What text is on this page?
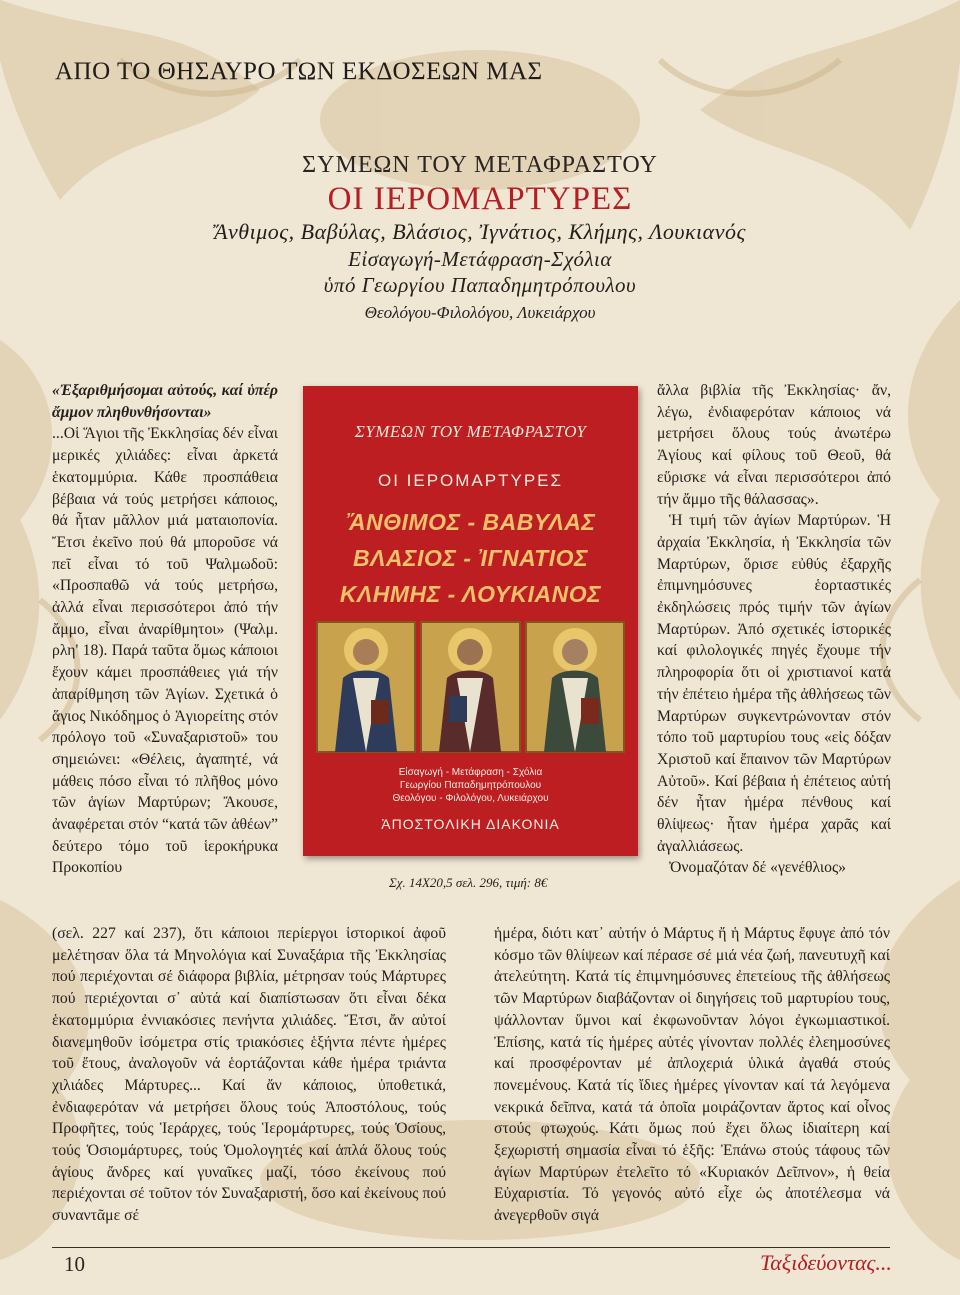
ΑΠΟ ΤΟ ΘΗΣΑΥΡΟ ΤΩΝ ΕΚΔΟΣΕΩΝ ΜΑΣ
ΣΥΜΕΩΝ ΤΟΥ ΜΕΤΑΦΡΑΣΤΟΥ
ΟΙ ΙΕΡΟΜΑΡΤΥΡΕΣ
Ἄνθιμος, Βαβύλας, Βλάσιος, Ἰγνάτιος, Κλήμης, Λουκιανός
Εἰσαγωγή-Μετάφραση-Σχόλια
ὑπό Γεωργίου Παπαδημητρόπουλου
Θεολόγου-Φιλολόγου, Λυκειάρχου

«Ἐξαριθμήσομαι αὐτούς, καί ὑπέρ ἄμμον πληθυνθήσονται»

...Οἱ Ἅγιοι τῆς Ἐκκλησίας δέν εἶναι μερικές χιλιάδες: εἶναι ἀρκετά ἑκατομμύρια. Κάθε προσπάθεια βέβαια νά τούς μετρήσει κάποιος, θά ἦταν μᾶλλον μιά ματαιοπονία. Ἔτσι ἐκεῖνο πού θά μποροῦσε νά πεῖ εἶναι τό τοῦ Ψαλμωδοῦ: «Προσπαθῶ νά τούς μετρήσω, ἀλλά εἶναι περισσότεροι ἀπό τήν ἄμμο, εἶναι ἀναρίθμητοι» (Ψαλμ. ρλη' 18). Παρά ταῦτα ὅμως κάποιοι ἔχουν κάμει προσπάθειες γιά τήν ἀπαρίθμηση τῶν Ἁγίων. Σχετικά ὁ ἅγιος Νικόδημος ὁ Ἁγιορείτης στόν πρόλογο τοῦ «Συναξαριστοῦ» του σημειώνει: «Θέλεις, ἀγαπητέ, νά μάθεις πόσο εἶναι τό πλῆθος μόνο τῶν ἁγίων Μαρτύρων; Ἄκουσε, ἀναφέρεται στόν “κατά τῶν ἀθέων” δεύτερο τόμο τοῦ ἱεροκήρυκα Προκοπίου

ΣΥΜΕΩΝ ΤΟΥ ΜΕΤΑΦΡΑΣΤΟΥ
ΟΙ ΙΕΡΟΜΑΡΤΥΡΕΣ
ἌΝΘΙΜΟΣ - ΒΑΒΥΛΑΣ
ΒΛΑΣΙΟΣ - ἸΓΝΑΤΙΟΣ
ΚΛΗΜΗΣ - ΛΟΥΚΙΑΝΟΣ
Εἰσαγωγή - Μετάφραση - Σχόλια
Γεωργίου Παπαδημητρόπουλου
Θεολόγου - Φιλολόγου, Λυκειάρχου
ἈΠΟΣΤΟΛΙΚΗ ΔΙΑΚΟΝΙΑ
Σχ. 14Χ20,5 σελ. 296, τιμή: 8€

ἄλλα βιβλία τῆς Ἐκκλησίας· ἄν, λέγω, ἐνδιαφερόταν κάποιος νά μετρήσει ὅλους τούς ἀνωτέρω Ἁγίους καί φίλους τοῦ Θεοῦ, θά εὕρισκε νά εἶναι περισσότεροι ἀπό τήν ἄμμο τῆς θάλασσας».

Ἡ τιμή τῶν ἁγίων Μαρτύρων. Ἡ ἀρχαία Ἐκκλησία, ἡ Ἐκκλησία τῶν Μαρτύρων, ὅρισε εὐθύς ἐξαρχῆς ἐπιμνημόσυνες ἑορταστικές ἐκδηλώσεις πρός τιμήν τῶν ἁγίων Μαρτύρων. Ἀπό σχετικές ἱστορικές καί φιλολογικές πηγές ἔχουμε τήν πληροφορία ὅτι οἱ χριστιανοί κατά τήν ἐπέτειο ἡμέρα τῆς ἀθλήσεως τῶν Μαρτύρων συγκεντρώνονταν στόν τόπο τοῦ μαρτυρίου τους «εἰς δόξαν Χριστοῦ καί ἔπαινον τῶν Μαρτύρων Αὐτοῦ». Καί βέβαια ἡ ἐπέτειος αὐτή δέν ἦταν ἡμέρα πένθους καί θλίψεως· ἦταν ἡμέρα χαρᾶς καί ἀγαλλιάσεως.

Ὀνομαζόταν δέ «γενέθλιος»

(σελ. 227 καί 237), ὅτι κάποιοι περίεργοι ἱστορικοί ἀφοῦ μελέτησαν ὅλα τά Μηνολόγια καί Συναξάρια τῆς Ἐκκλησίας πού περιέχονται σέ διάφορα βιβλία, μέτρησαν τούς Μάρτυρες πού περιέχονται σ᾽ αὐτά καί διαπίστωσαν ὅτι εἶναι δέκα ἑκατομμύρια ἐννιακόσιες πενήντα χιλιάδες. Ἔτσι, ἄν αὐτοί διανεμηθοῦν ἰσόμετρα στίς τριακόσιες ἑξήντα πέντε ἡμέρες τοῦ ἔτους, ἀναλογοῦν νά ἑορτάζονται κάθε ἡμέρα τριάντα χιλιάδες Μάρτυρες... Καί ἄν κάποιος, ὑποθετικά, ἐνδιαφερόταν νά μετρήσει ὅλους τούς Ἀποστόλους, τούς Προφῆτες, τούς Ἱεράρχες, τούς Ἱερομάρτυρες, τούς Ὁσίους, τούς Ὁσιομάρτυρες, τούς Ὁμολογητές καί ἁπλά ὅλους τούς ἁγίους ἄνδρες καί γυναῖκες μαζί, τόσο ἐκείνους πού περιέχονται σέ τοῦτον τόν Συναξαριστή, ὅσο καί ἐκείνους πού συναντᾶμε σέ

ἡμέρα, διότι κατ᾽ αὐτήν ὁ Μάρτυς ἤ ἡ Μάρτυς ἔφυγε ἀπό τόν κόσμο τῶν θλίψεων καί πέρασε σέ μιά νέα ζωή, πανευτυχῆ καί ἀτελεύτητη. Κατά τίς ἐπιμνημόσυνες ἐπετείους τῆς ἀθλήσεως τῶν Μαρτύρων διαβάζονταν οἱ διηγήσεις τοῦ μαρτυρίου τους, ψάλλονταν ὕμνοι καί ἐκφωνοῦνταν λόγοι ἐγκωμιαστικοί. Ἐπίσης, κατά τίς ἡμέρες αὐτές γίνονταν πολλές ἐλεημοσύνες καί προσφέρονταν μέ ἀπλοχεριά ὑλικά ἀγαθά στούς πονεμένους. Κατά τίς ἴδιες ἡμέρες γίνονταν καί τά λεγόμενα νεκρικά δεῖπνα, κατά τά ὁποῖα μοιράζονταν ἄρτος καί οἶνος στούς φτωχούς. Κάτι ὅμως πού ἔχει ὅλως ἰδιαίτερη καί ξεχωριστή σημασία εἶναι τό ἑξῆς: Ἐπάνω στούς τάφους τῶν ἁγίων Μαρτύρων ἐτελεῖτο τό «Κυριακόν Δεῖπνον», ἡ θεία Εὐχαριστία. Τό γεγονός αὐτό εἶχε ὡς ἀποτέλεσμα νά ἀνεγερθοῦν σιγά

10	Ταξιδεύοντας...
